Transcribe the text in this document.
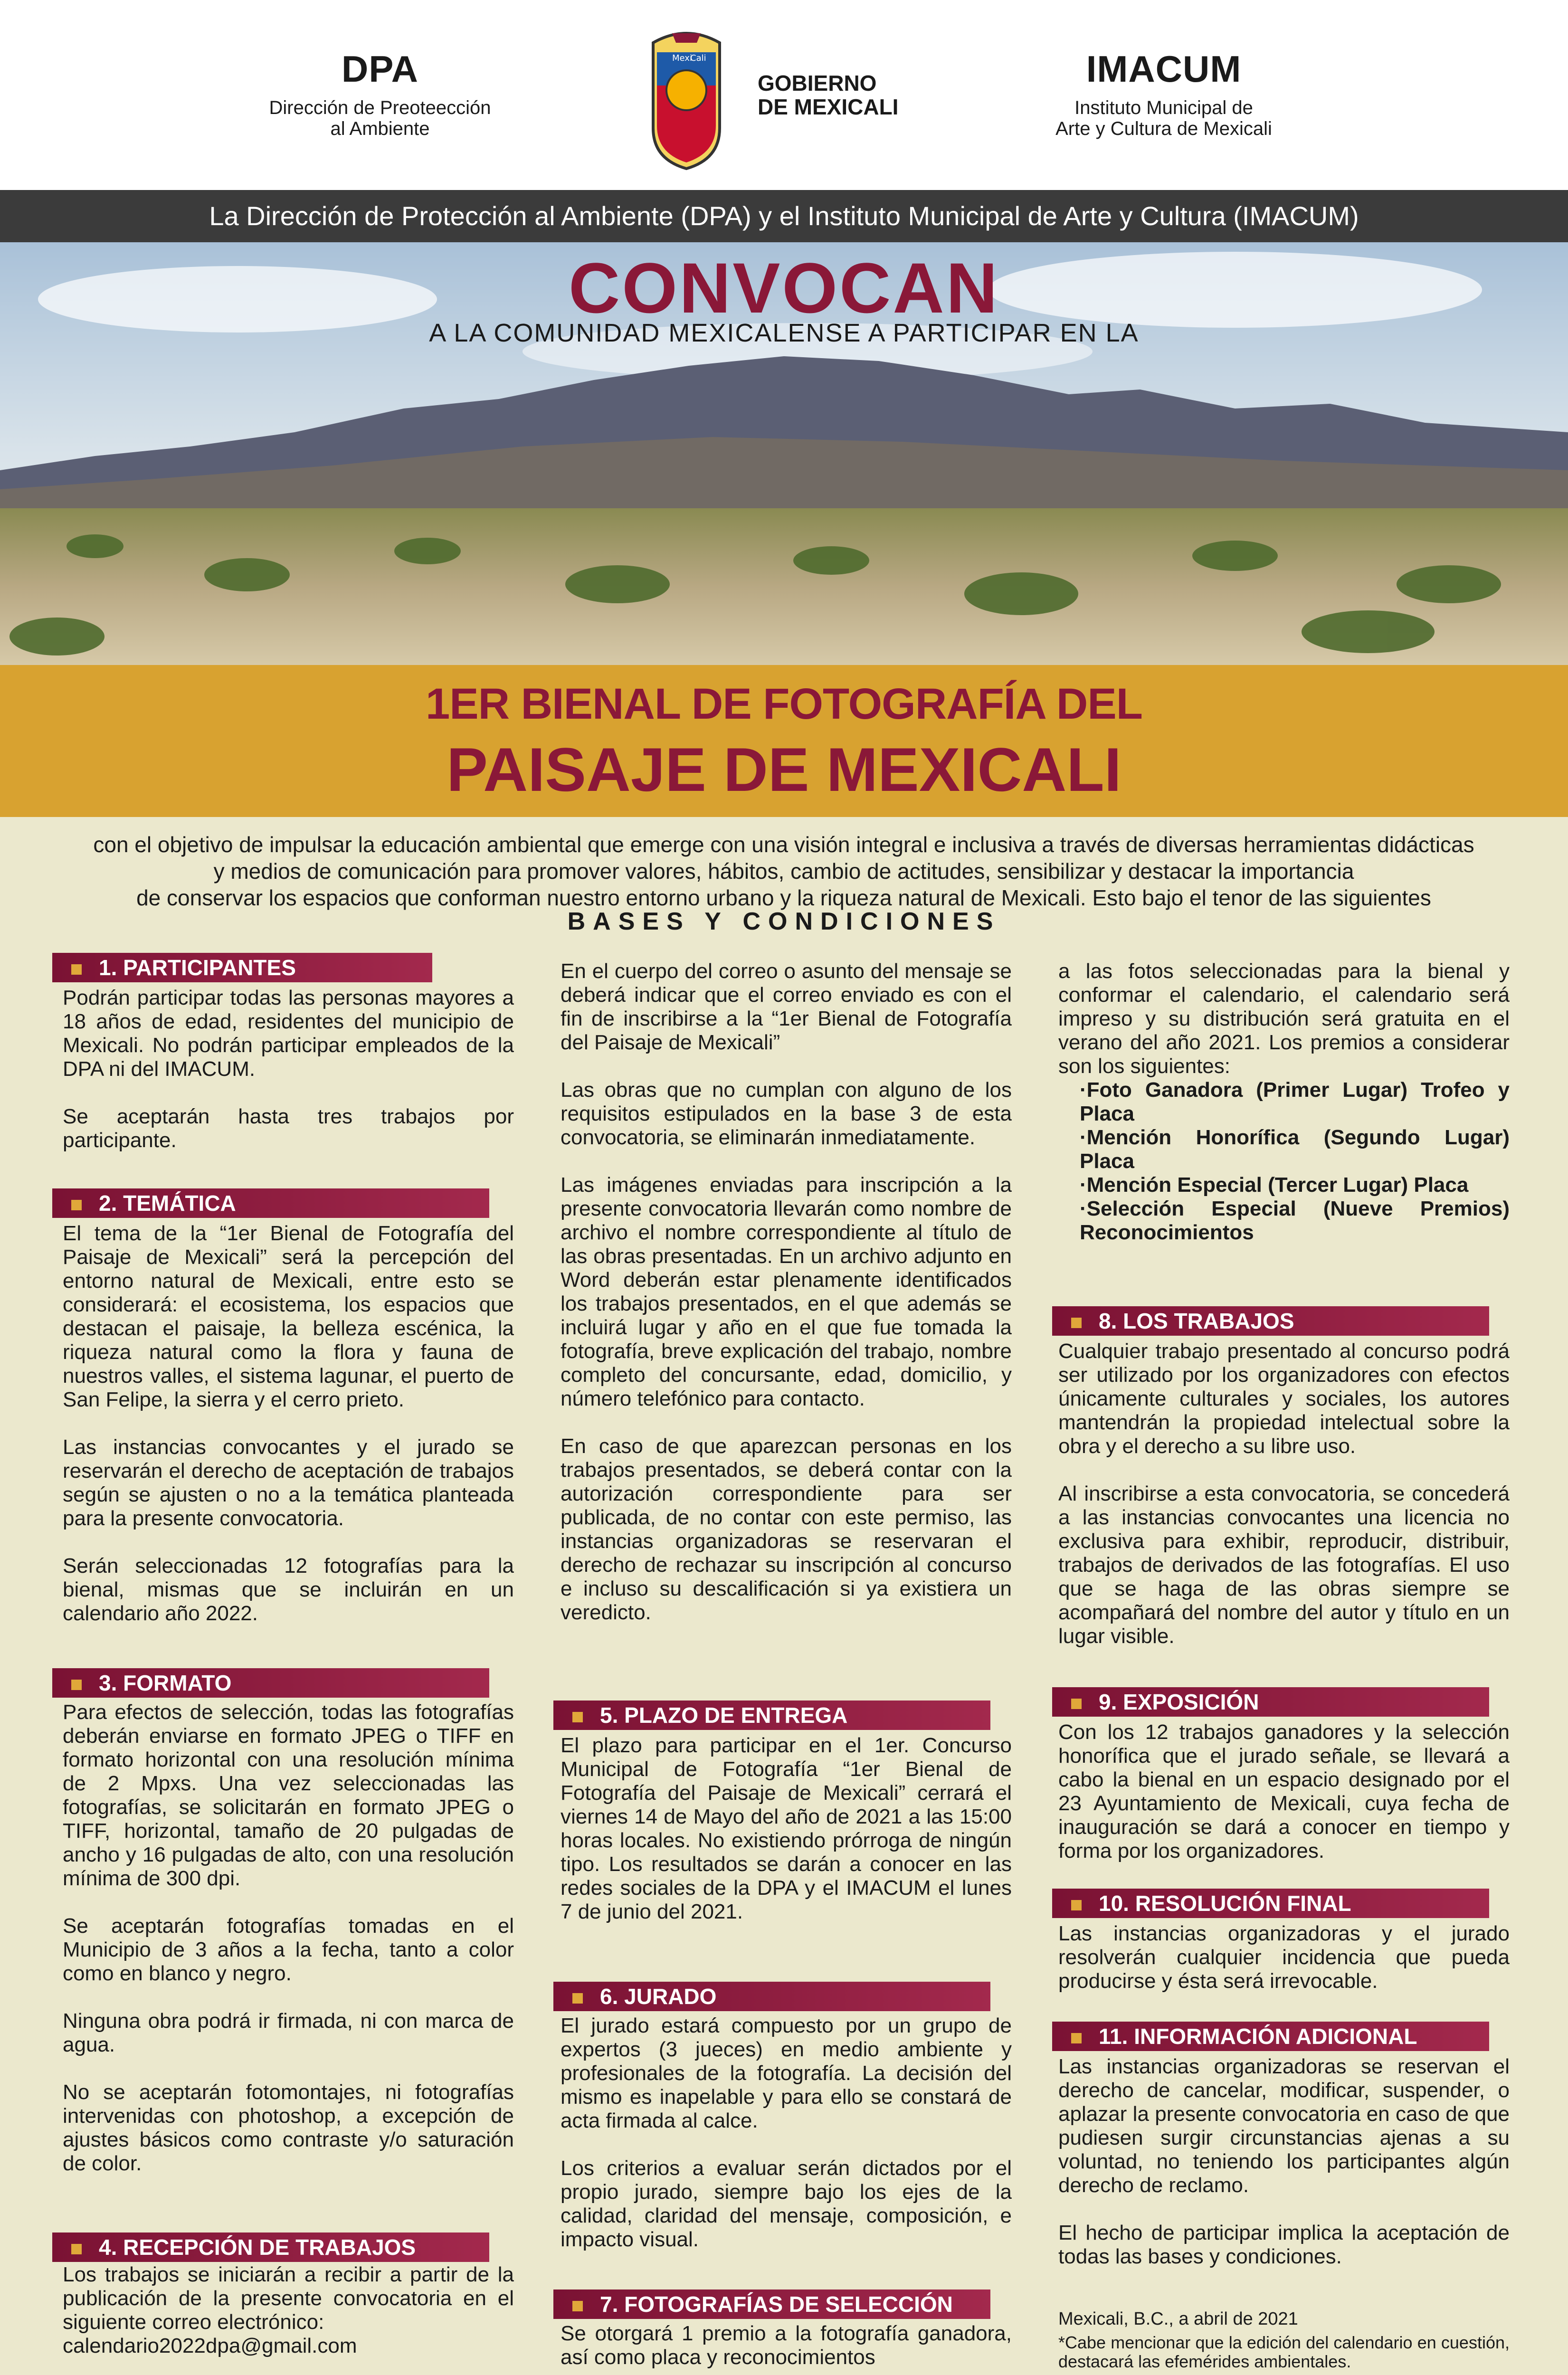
DPA
Dirección de Preoteección al Ambiente
Mexi
Cali
GOBIERNO
DE MEXICALI
IMACUM
Instituto Municipal de
Arte y Cultura de Mexicali
La Dirección de Protección al Ambiente (DPA) y el Instituto Municipal de Arte y Cultura (IMACUM)
CONVOCAN
A LA COMUNIDAD MEXICALENSE A PARTICIPAR EN LA
1ER BIENAL DE FOTOGRAFÍA DEL
PAISAJE DE MEXICALI
con el objetivo de impulsar la educación ambiental que emerge con una visión integral e inclusiva a través de diversas herramientas didácticas
y medios de comunicación para promover valores, hábitos, cambio de actitudes, sensibilizar y destacar la importancia
de conservar los espacios que conforman nuestro entorno urbano y la riqueza natural de Mexicali. Esto bajo el tenor de las siguientes
BASES Y CONDICIONES
1. PARTICIPANTES

Podrán participar todas las personas mayores a 18 años de edad, residentes del municipio de Mexicali. No podrán participar empleados de la DPA ni del IMACUM.

Se aceptarán hasta tres trabajos por participante.

2. TEMÁTICA

El tema de la “1er Bienal de Fotografía del Paisaje de Mexicali” será la percepción del entorno natural de Mexicali, entre esto se considerará: el ecosistema, los espacios que destacan el paisaje, la belleza escénica, la riqueza natural como la flora y fauna de nuestros valles, el sistema lagunar, el puerto de San Felipe, la sierra y el cerro prieto.

Las instancias convocantes y el jurado se reservarán el derecho de aceptación de trabajos según se ajusten o no a la temática planteada para la presente convocatoria.

Serán seleccionadas 12 fotografías para la bienal, mismas que se incluirán en un calendario año 2022.

3. FORMATO

Para efectos de selección, todas las fotografías deberán enviarse en formato JPEG o TIFF en formato horizontal con una resolución mínima de 2 Mpxs. Una vez seleccionadas las fotografías, se solicitarán en formato JPEG o TIFF, horizontal, tamaño de 20 pulgadas de ancho y 16 pulgadas de alto, con una resolución mínima de 300 dpi.

Se aceptarán fotografías tomadas en el Municipio de 3 años a la fecha, tanto a color como en blanco y negro.

Ninguna obra podrá ir firmada, ni con marca de agua.

No se aceptarán fotomontajes, ni fotografías intervenidas con photoshop, a excepción de ajustes básicos como contraste y/o saturación de color.

4. RECEPCIÓN DE TRABAJOS
Los trabajos se iniciarán a recibir a partir de la publicación de la presente convocatoria en el siguiente correo electrónico:
calendario2022dpa@gmail.com

En el cuerpo del correo o asunto del mensaje se deberá indicar que el correo enviado es con el fin de inscribirse a la “1er Bienal de Fotografía del Paisaje de Mexicali”

Las obras que no cumplan con alguno de los requisitos estipulados en la base 3 de esta convocatoria, se eliminarán inmediatamente.

Las imágenes enviadas para inscripción a la presente convocatoria llevarán como nombre de archivo el nombre correspondiente al título de las obras presentadas. En un archivo adjunto en Word deberán estar plenamente identificados los trabajos presentados, en el que además se incluirá lugar y año en el que fue tomada la fotografía, breve explicación del trabajo, nombre completo del concursante, edad, domicilio, y número telefónico para contacto.

En caso de que aparezcan personas en los trabajos presentados, se deberá contar con la autorización correspondiente para ser publicada, de no contar con este permiso, las instancias organizadoras se reservaran el derecho de rechazar su inscripción al concurso e incluso su descalificación si ya existiera un veredicto.

5. PLAZO DE ENTREGA

El plazo para participar en el 1er. Concurso Municipal de Fotografía “1er Bienal de Fotografía del Paisaje de Mexicali” cerrará el viernes 14 de Mayo del año de 2021 a las 15:00 horas locales. No existiendo prórroga de ningún tipo. Los resultados se darán a conocer en las redes sociales de la DPA y el IMACUM el lunes 7 de junio del 2021.

6. JURADO

El jurado estará compuesto por un grupo de expertos (3 jueces) en medio ambiente y profesionales de la fotografía. La decisión del mismo es inapelable y para ello se constará de acta firmada al calce.

Los criterios a evaluar serán dictados por el propio jurado, siempre bajo los ejes de la calidad, claridad del mensaje, composición, e impacto visual.

7. FOTOGRAFÍAS DE SELECCIÓN
Se otorgará 1 premio a la fotografía ganadora, así como placa y reconocimientos
a las fotos seleccionadas para la bienal y conformar el calendario, el calendario será impreso y su distribución será gratuita en el verano del año 2021. Los premios a considerar son los siguientes:
·Foto Ganadora (Primer Lugar) Trofeo y Placa
·Mención Honorífica (Segundo Lugar) Placa
·Mención Especial (Tercer Lugar) Placa
·Selección Especial (Nueve Premios) Reconocimientos
8. LOS TRABAJOS

Cualquier trabajo presentado al concurso podrá ser utilizado por los organizadores con efectos únicamente culturales y sociales, los autores mantendrán la propiedad intelectual sobre la obra y el derecho a su libre uso.

Al inscribirse a esta convocatoria, se concederá a las instancias convocantes una licencia no exclusiva para exhibir, reproducir, distribuir, trabajos de derivados de las fotografías. El uso que se haga de las obras siempre se acompañará del nombre del autor y título en un lugar visible.

9. EXPOSICIÓN

Con los 12 trabajos ganadores y la selección honorífica que el jurado señale, se llevará a cabo la bienal en un espacio designado por el 23 Ayuntamiento de Mexicali, cuya fecha de inauguración se dará a conocer en tiempo y forma por los organizadores.

10. RESOLUCIÓN FINAL

Las instancias organizadoras y el jurado resolverán cualquier incidencia que pueda producirse y ésta será irrevocable.

11. INFORMACIÓN ADICIONAL

Las instancias organizadoras se reservan el derecho de cancelar, modificar, suspender, o aplazar la presente convocatoria en caso de que pudiesen surgir circunstancias ajenas a su voluntad, no teniendo los participantes algún derecho de reclamo.

El hecho de participar implica la aceptación de todas las bases y condiciones.

Mexicali, B.C., a abril de 2021
*Cabe mencionar que la edición del calendario en cuestión, destacará las efemérides ambientales.
